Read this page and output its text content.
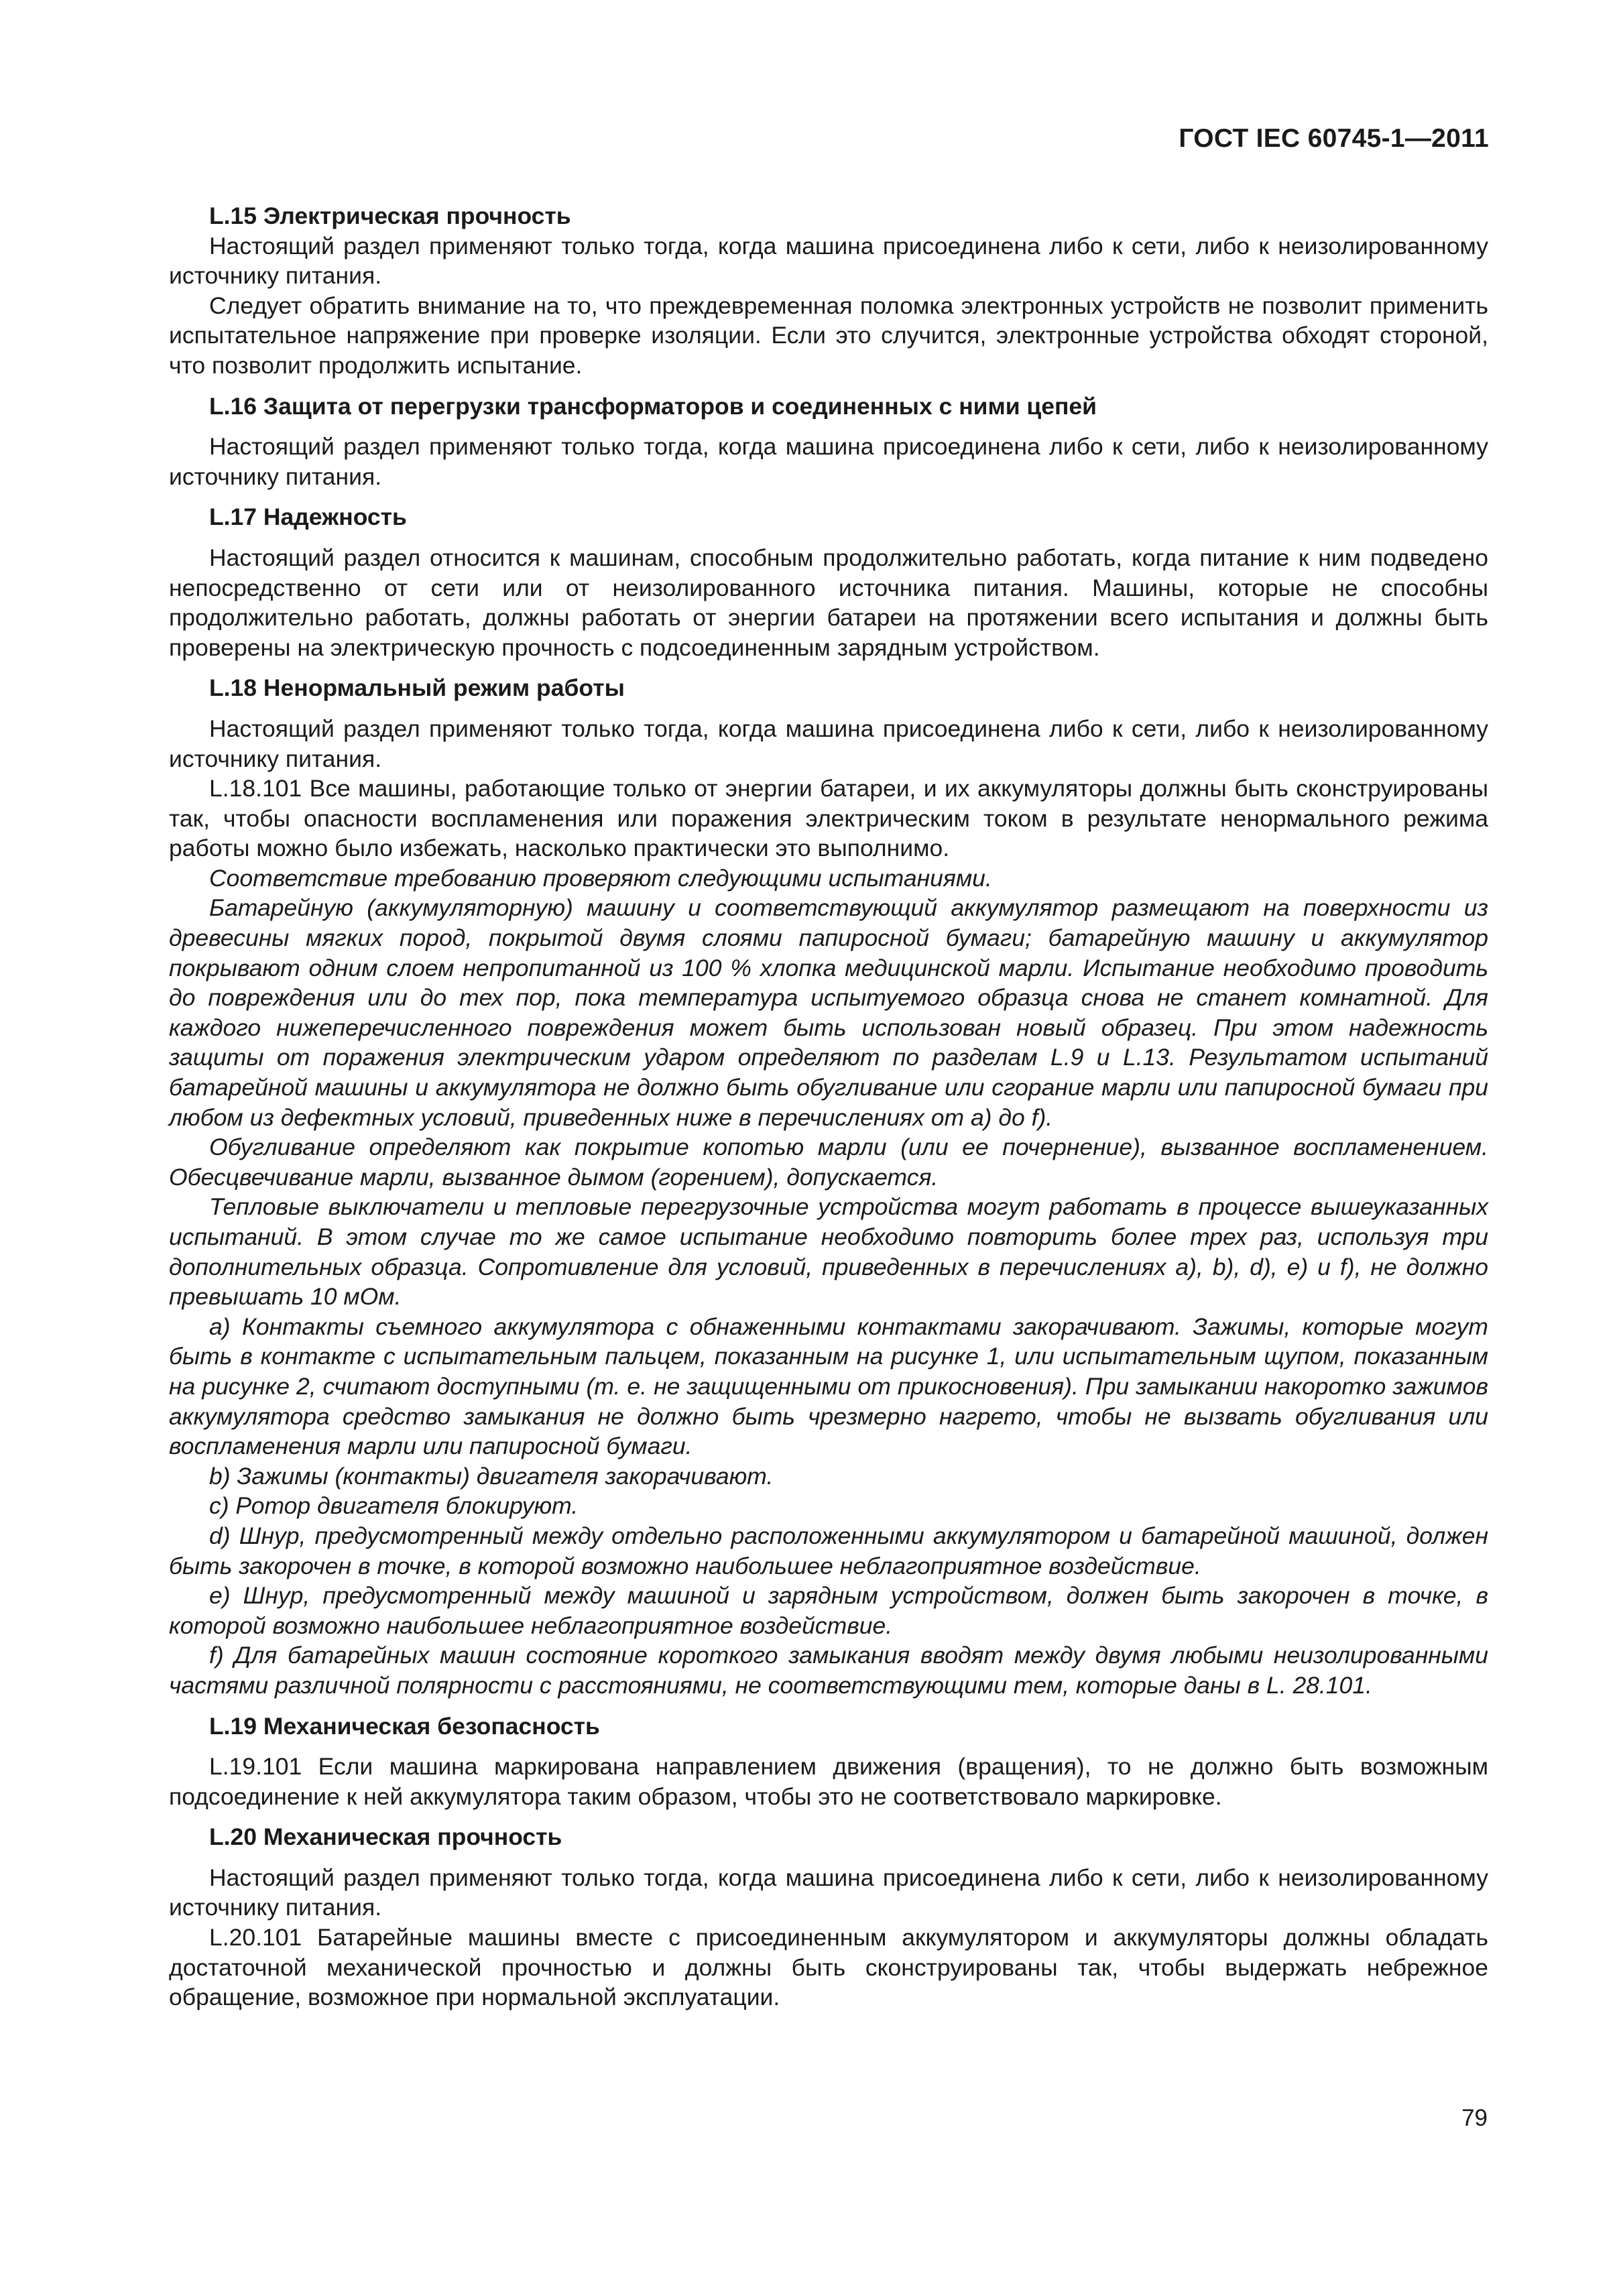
ГОСТ IEC 60745-1—2011
L.15 Электрическая прочность

Настоящий раздел применяют только тогда, когда машина присоединена либо к сети, либо к неизолированному источнику питания.

Следует обратить внимание на то, что преждевременная поломка электронных устройств не позволит применить испытательное напряжение при проверке изоляции. Если это случится, электронные устройства обходят стороной, что позволит продолжить испытание.

L.16 Защита от перегрузки трансформаторов и соединенных с ними цепей

Настоящий раздел применяют только тогда, когда машина присоединена либо к сети, либо к неизолированному источнику питания.

L.17 Надежность

Настоящий раздел относится к машинам, способным продолжительно работать, когда питание к ним подведено непосредственно от сети или от неизолированного источника питания. Машины, которые не способны продолжительно работать, должны работать от энергии батареи на протяжении всего испытания и должны быть проверены на электрическую прочность с подсоединенным зарядным устройством.

L.18 Ненормальный режим работы

Настоящий раздел применяют только тогда, когда машина присоединена либо к сети, либо к неизолированному источнику питания.

L.18.101 Все машины, работающие только от энергии батареи, и их аккумуляторы должны быть сконструированы так, чтобы опасности воспламенения или поражения электрическим током в результате ненормального режима работы можно было избежать, насколько практически это выполнимо.

Соответствие требованию проверяют следующими испытаниями.

Батарейную (аккумуляторную) машину и соответствующий аккумулятор размещают на поверхности из древесины мягких пород, покрытой двумя слоями папиросной бумаги; батарейную машину и аккумулятор покрывают одним слоем непропитанной из 100 % хлопка медицинской марли. Испытание необходимо проводить до повреждения или до тех пор, пока температура испытуемого образца снова не станет комнатной. Для каждого нижеперечисленного повреждения может быть использован новый образец. При этом надежность защиты от поражения электрическим ударом определяют по разделам L.9 и L.13. Результатом испытаний батарейной машины и аккумулятора не должно быть обугливание или сгорание марли или папиросной бумаги при любом из дефектных условий, приведенных ниже в перечислениях от a) до f).

Обугливание определяют как покрытие копотью марли (или ее почернение), вызванное воспламенением. Обесцвечивание марли, вызванное дымом (горением), допускается.

Тепловые выключатели и тепловые перегрузочные устройства могут работать в процессе вышеуказанных испытаний. В этом случае то же самое испытание необходимо повторить более трех раз, используя три дополнительных образца. Сопротивление для условий, приведенных в перечислениях a), b), d), e) и f), не должно превышать 10 мОм.

a) Контакты съемного аккумулятора с обнаженными контактами закорачивают. Зажимы, которые могут быть в контакте с испытательным пальцем, показанным на рисунке 1, или испытательным щупом, показанным на рисунке 2, считают доступными (т. е. не защищенными от прикосновения). При замыкании накоротко зажимов аккумулятора средство замыкания не должно быть чрезмерно нагрето, чтобы не вызвать обугливания или воспламенения марли или папиросной бумаги.

b) Зажимы (контакты) двигателя закорачивают.

c) Ротор двигателя блокируют.

d) Шнур, предусмотренный между отдельно расположенными аккумулятором и батарейной машиной, должен быть закорочен в точке, в которой возможно наибольшее неблагоприятное воздействие.

e) Шнур, предусмотренный между машиной и зарядным устройством, должен быть закорочен в точке, в которой возможно наибольшее неблагоприятное воздействие.

f) Для батарейных машин состояние короткого замыкания вводят между двумя любыми неизолированными частями различной полярности с расстояниями, не соответствующими тем, которые даны в L. 28.101.

L.19 Механическая безопасность

L.19.101 Если машина маркирована направлением движения (вращения), то не должно быть возможным подсоединение к ней аккумулятора таким образом, чтобы это не соответствовало маркировке.

L.20 Механическая прочность

Настоящий раздел применяют только тогда, когда машина присоединена либо к сети, либо к неизолированному источнику питания.

L.20.101 Батарейные машины вместе с присоединенным аккумулятором и аккумуляторы должны обладать достаточной механической прочностью и должны быть сконструированы так, чтобы выдержать небрежное обращение, возможное при нормальной эксплуатации.

79
